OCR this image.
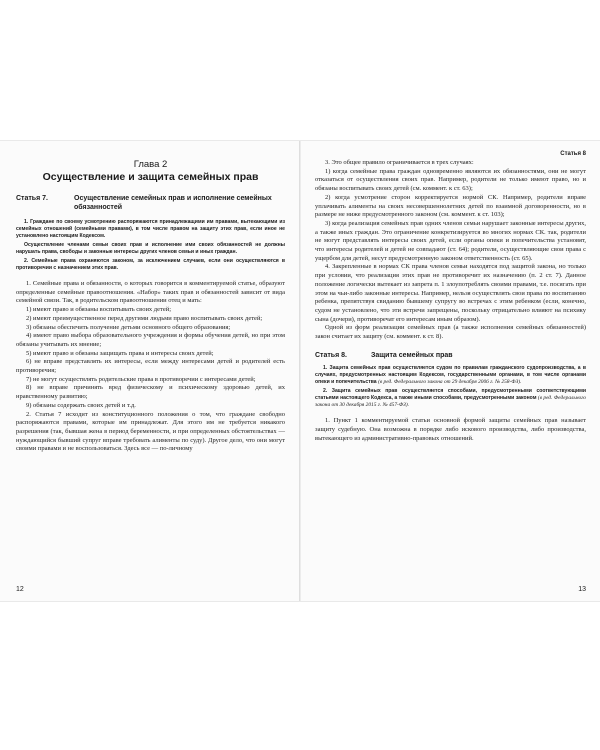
Глава 2
Осуществление и защита семейных прав
Статья 7.	Осуществление семейных прав и исполнение семейных обязанностей

1. Граждане по своему усмотрению распоряжаются принадлежащими им правами, вытекающими из семейных отношений (семейными правами), в том числе правом на защиту этих прав, если иное не установлено настоящим Кодексом.

Осуществление членами семьи своих прав и исполнение ими своих обязанностей не должны нарушать права, свободы и законные интересы других членов семьи и иных граждан.

2. Семейные права охраняются законом, за исключением случаев, если они осуществляются в противоречии с назначением этих прав.

1. Семейные права и обязанности, о которых говорится в комментируемой статье, образуют определенные семейные правоотношения. «Набор» таких прав и обязанностей зависит от вида семейной связи. Так, в родительском правоотношении отец и мать:

1) имеют право и обязаны воспитывать своих детей;

2) имеют преимущественное перед другими людьми право воспитывать своих детей;

3) обязаны обеспечить получение детьми основного общего образования;

4) имеют право выбора образовательного учреждения и формы обучения детей, но при этом обязаны учитывать их мнение;

5) имеют право и обязаны защищать права и интересы своих детей;

6) не вправе представлять их интересы, если между интересами детей и родителей есть противоречия;

7) не могут осуществлять родительские права в противоречии с интересами детей;

8) не вправе причинять вред физическому и психическому здоровью детей, их нравственному развитию;

9) обязаны содержать своих детей и т.д.

2. Статья 7 исходит из конституционного положения о том, что граждане свободно распоряжаются правами, которые им принадлежат. Для этого им не требуется никакого разрешения (так, бывшая жена в период беременности, и при определенных обстоятельствах — нуждающийся бывший супруг вправе требовать алименты по суду). Другое дело, что они могут своими правами и не воспользоваться. Здесь все — по-личному

12
Статья 8

3. Это общее правило ограничивается в трех случаях:

1) когда семейные права граждан одновременно являются их обязанностями, они не могут отказаться от осуществления своих прав. Например, родители не только имеют право, но и обязаны воспитывать своих детей (см. коммент. к ст. 63);

2) когда усмотрение сторон корректируется нормой СК. Например, родители вправе уплачивать алименты на своих несовершеннолетних детей по взаимной договоренности, но в размере не ниже предусмотренного законом (см. коммент. к ст. 103);

3) когда реализация семейных прав одних членов семьи нарушает законные интересы других, а также иных граждан. Это ограничение конкретизируется во многих нормах СК. так, родители не могут представлять интересы своих детей, если органы опеки и попечительства установят, что интересы родителей и детей не совпадают (ст. 64); родители, осуществляющие свои права с ущербом для детей, несут предусмотренную законом ответственность (ст. 65).

4. Закрепленные в нормах СК права членов семьи находятся под защитой закона, но только при условии, что реализация этих прав не противоречит их назначению (п. 2 ст. 7). Данное положение логически вытекает из запрета п. 1 злоупотреблять своими правами, т.е. посягать при этом на чьи-либо законные интересы. Например, нельзя осуществлять свои права по воспитанию ребенка, препятствуя свиданию бывшему супругу во встречах с этим ребенком (если, конечно, судом не установлено, что эти встречи запрещены, поскольку отрицательно влияют на психику сына (дочери), противоречат его интересам иным образом).

Одной из форм реализации семейных прав (а также исполнения семейных обязанностей) закон считает их защиту (см. коммент. к ст. 8).

Статья 8.	Защита семейных прав

1. Защита семейных прав осуществляется судом по правилам гражданского судопроизводства, а в случаях, предусмотренных настоящим Кодексом, государственными органами, в том числе органами опеки и попечительства (в ред. Федерального закона от 29 декабря 2006 г. № 258-ФЗ).

2. Защита семейных прав осуществляется способами, предусмотренными соответствующими статьями настоящего Кодекса, а также иными способами, предусмотренными законом (в ред. Федерального закона от 30 декабря 2015 г. № 457-ФЗ).

1. Пункт 1 комментируемой статьи основной формой защиты семейных прав называет защиту судебную. Она возможна в порядке либо искового производства, либо производства, вытекающего из административно-правовых отношений.

13
